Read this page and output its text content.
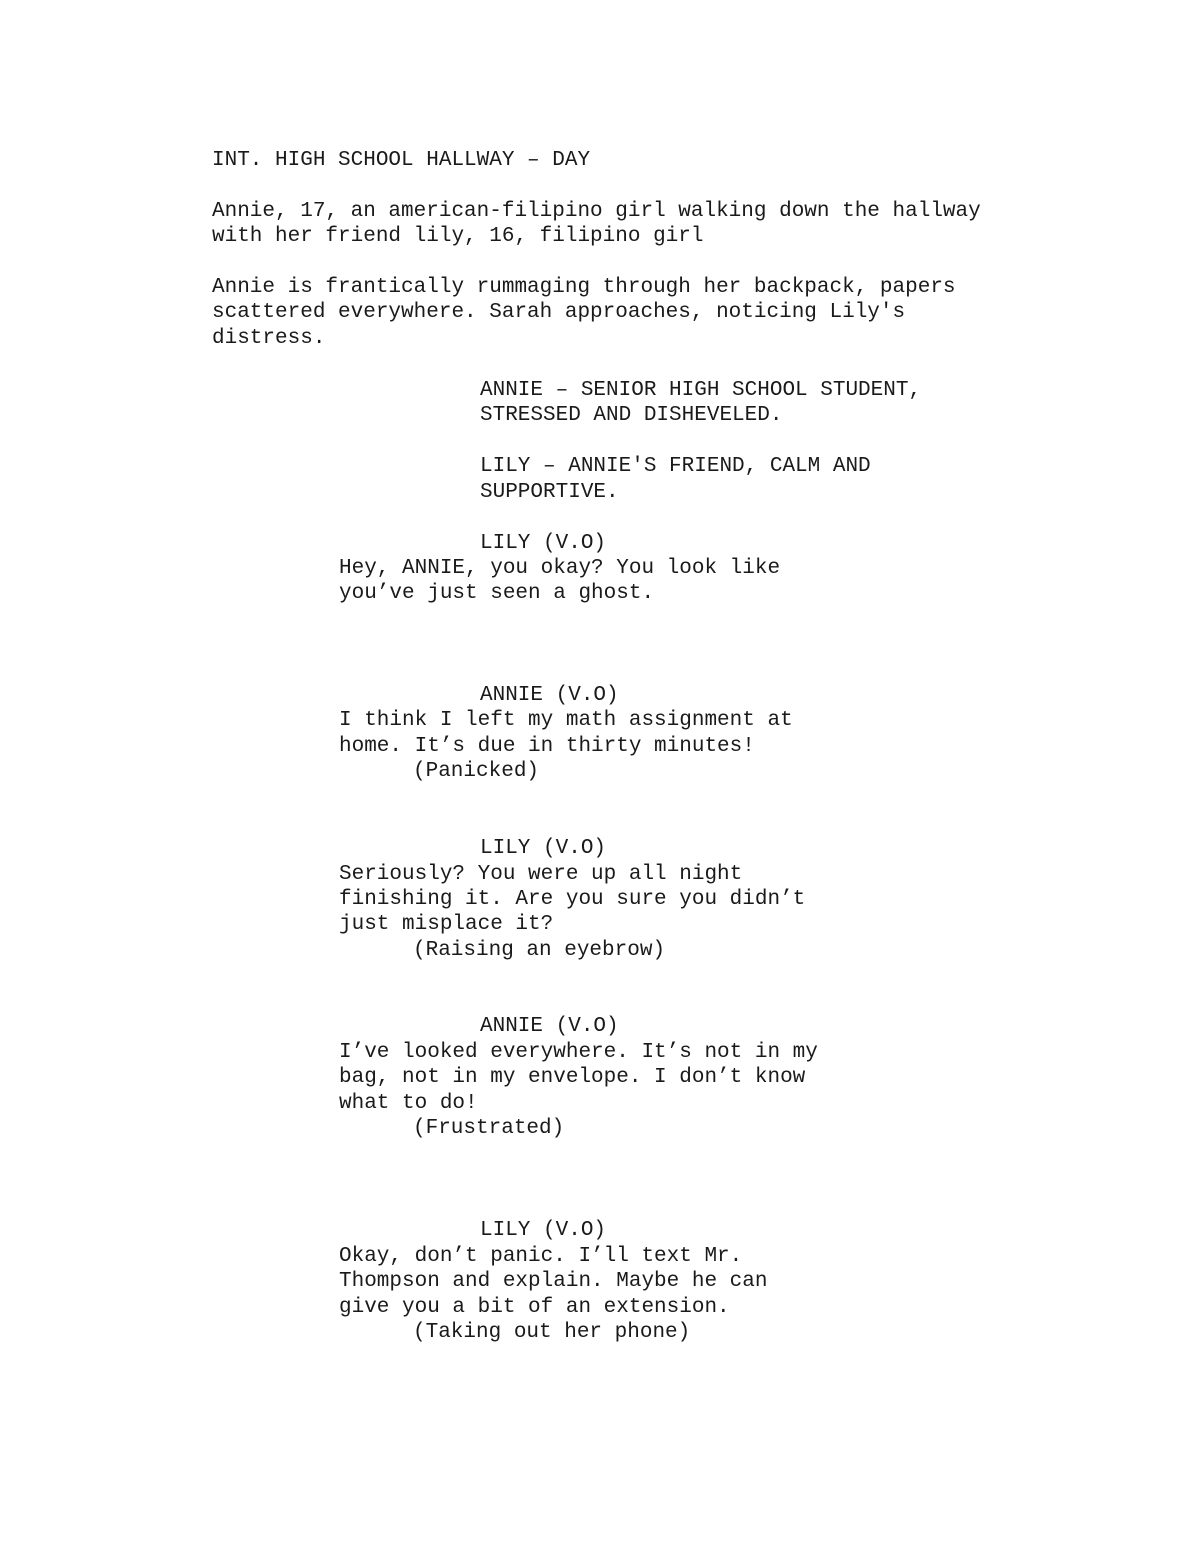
INT. HIGH SCHOOL HALLWAY – DAY
Annie, 17, an american-filipino girl walking down the hallway
with her friend lily, 16, filipino girl
Annie is frantically rummaging through her backpack, papers
scattered everywhere. Sarah approaches, noticing Lily's
distress.
ANNIE – SENIOR HIGH SCHOOL STUDENT,
STRESSED AND DISHEVELED.
LILY – ANNIE'S FRIEND, CALM AND
SUPPORTIVE.
LILY (V.O)
Hey, ANNIE, you okay? You look like
you’ve just seen a ghost.
ANNIE (V.O)
I think I left my math assignment at
home. It’s due in thirty minutes!
(Panicked)
LILY (V.O)
Seriously? You were up all night
finishing it. Are you sure you didn’t
just misplace it?
(Raising an eyebrow)
ANNIE (V.O)
I’ve looked everywhere. It’s not in my
bag, not in my envelope. I don’t know
what to do!
(Frustrated)
LILY (V.O)
Okay, don’t panic. I’ll text Mr.
Thompson and explain. Maybe he can
give you a bit of an extension.
(Taking out her phone)
